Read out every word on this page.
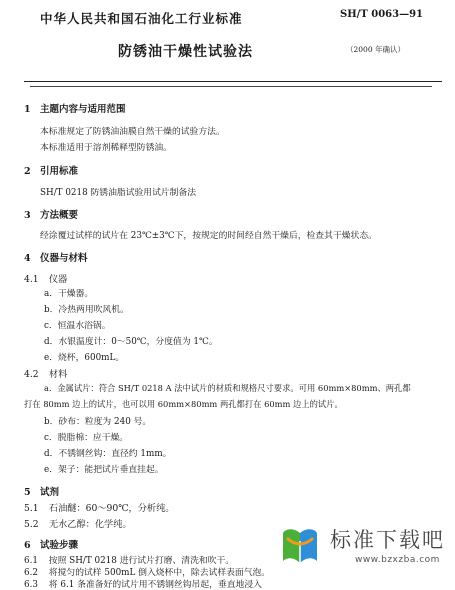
中华人民共和国石油化工行业标准	SH/T 0063—91
（2000 年确认）
防锈油干燥性试验法
1 主题内容与适用范围
本标准规定了防锈油油膜自然干燥的试验方法。
本标准适用于溶剂稀释型防锈油。
2 引用标准
SH/T 0218 防锈油脂试验用试片制备法
3 方法概要
经涂覆过试样的试片在 23℃±3℃下，按规定的时间经自然干燥后，检查其干燥状态。
4 仪器与材料
4.1 仪器
a．干燥器。
b．冷热两用吹风机。
c．恒温水浴锅。
d．水银温度计：0～50℃，分度值为 1℃。
e．烧杯，600mL。
4.2 材料
a．金属试片：符合 SH/T 0218 A 法中试片的材质和规格尺寸要求。可用 60mm×80mm、两孔都
打在 80mm 边上的试片，也可以用 60mm×80mm 两孔都打在 60mm 边上的试片。
b．砂布：粒度为 240 号。
c．脱脂棉：应干燥。
d．不锈钢丝钩：直径约 1mm。
e．架子：能把试片垂直挂起。
5 试剂
5.1 石油醚：60～90℃，分析纯。
5.2 无水乙醇：化学纯。
6 试验步骤
6.1 按照 SH/T 0218 进行试片打磨、清洗和吹干。
6.2 将搅匀的试样 500mL 倒入烧杯中，除去试样表面气泡。
6.3 将 6.1 条准备好的试片用不锈钢丝钩吊起，垂直地浸入
标准下载吧
www.bzxzba.com
